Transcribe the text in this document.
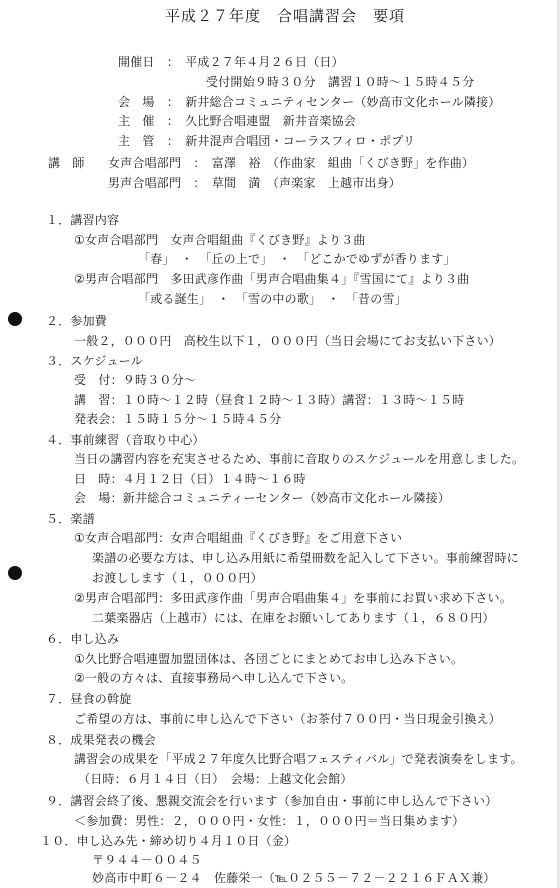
平成２７年度　合唱講習会　要項
開催日　：　平成２７年４月２６日（日）
受付開始９時３０分　講習１０時～１５時４５分
会　場　：　新井総合コミュニティセンター（妙高市文化ホール隣接）
主　催　：　久比野合唱連盟　新井音楽協会
主　管　：　新井混声合唱団・コーラスフィロ・ポプリ
講　師 女声合唱部門　：　富澤　裕　（作曲家　組曲「くびき野」を作曲）
男声合唱部門　：　草間　満　（声楽家　上越市出身）
１．講習内容
①女声合唱部門　女声合唱組曲『くびき野』より３曲
「春」　・　「丘の上で」　・　「どこかでゆずが香ります」
②男声合唱部門　多田武彦作曲「男声合唱曲集４」『雪国にて』より３曲
「或る誕生」　・　「雪の中の歌」　・　「昔の雪」
２．参加費
一般２，０００円　高校生以下１，０００円（当日会場にてお支払い下さい）
３．スケジュール
受　付：９時３０分～
講　習：１０時～１２時（昼食１２時～１３時）講習：１３時～１５時
発表会：１５時１５分～１５時４５分
４．事前練習（音取り中心）
当日の講習内容を充実させるため、事前に音取りのスケジュールを用意しました。
日　時：４月１２日（日）１４時～１６時
会　場：新井総合コミュニティーセンター（妙高市文化ホール隣接）
５．楽譜
①女声合唱部門：女声合唱組曲『くびき野』をご用意下さい
楽譜の必要な方は、申し込み用紙に希望冊数を記入して下さい。事前練習時に
お渡しします（１，０００円）
②男声合唱部門：多田武彦作曲「男声合唱曲集４」を事前にお買い求め下さい。
二葉楽器店（上越市）には、在庫をお願いしてあります（１，６８０円）
６．申し込み
①久比野合唱連盟加盟団体は、各団ごとにまとめてお申し込み下さい。
②一般の方々は、直接事務局へ申し込んで下さい。
７．昼食の斡旋
ご希望の方は、事前に申し込んで下さい（お茶付７００円・当日現金引換え）
８．成果発表の機会
講習会の成果を「平成２７年度久比野合唱フェスティバル」で発表演奏をします。
（日時：６月１４日（日）　会場：上越文化会館）
９．講習会終了後、懇親交流会を行います（参加自由・事前に申し込んで下さい）
＜参加費：男性：２，０００円・女性：１，０００円＝当日集めます）
１０．申し込み先・締め切り４月１０日（金）
〒９４４－００４５
妙高市中町６－２４　佐藤栄一（℡０２５５－７２－２２１６ＦＡＸ兼）
